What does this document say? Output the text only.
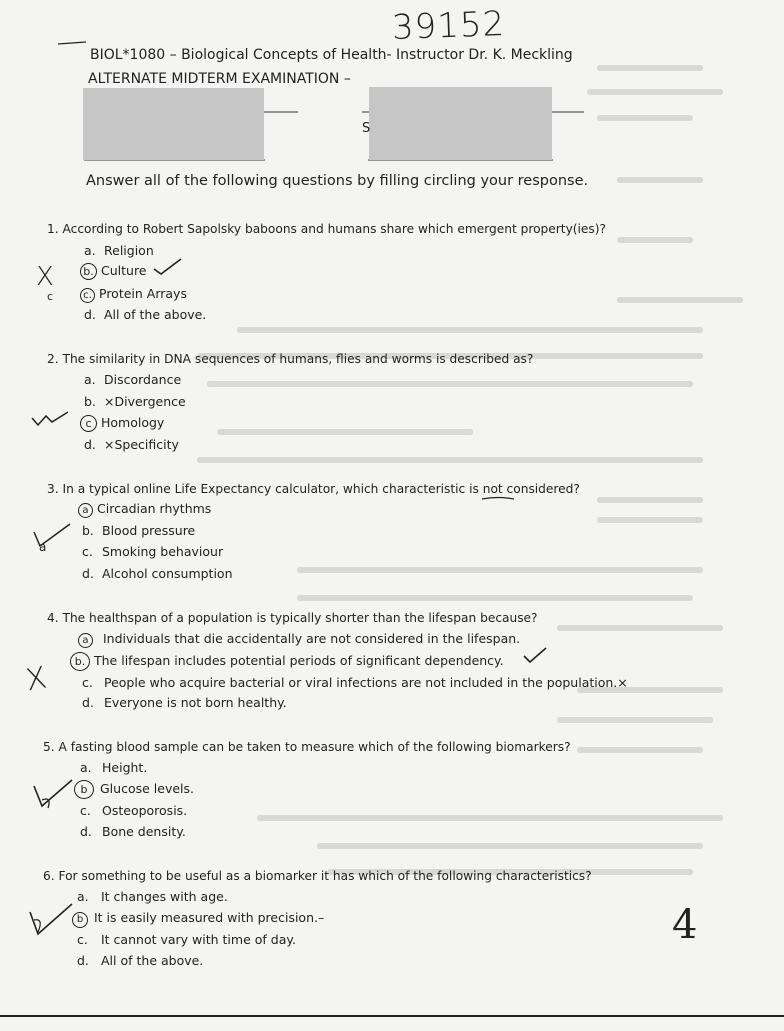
39152
BIOL*1080 – Biological Concepts of Health- Instructor Dr. K. Meckling
ALTERNATE MIDTERM EXAMINATION –
S
Answer all of the following questions by filling circling your response.
1. According to Robert Sapolsky baboons and humans share which emergent property(ies)?
a. Religion
b. Culture
c. Protein Arrays
d. All of the above.
X
c
2. The similarity in DNA sequences of humans, flies and worms is described as?
a. Discordance
b. ×Divergence
c Homology
d. ×Specificity
3. In a typical online Life Expectancy calculator, which characteristic is not considered?
a Circadian rhythms
b. Blood pressure
c. Smoking behaviour
d. Alcohol consumption
a
4. The healthspan of a population is typically shorter than the lifespan because?
a Individuals that die accidentally are not considered in the lifespan.
b. The lifespan includes potential periods of significant dependency.
c. People who acquire bacterial or viral infections are not included in the population.×
d. Everyone is not born healthy.
X
5. A fasting blood sample can be taken to measure which of the following biomarkers?
a. Height.
b Glucose levels.
c. Osteoporosis.
d. Bone density.
6. For something to be useful as a biomarker it has which of the following characteristics?
a. It changes with age.
b It is easily measured with precision.–
c. It cannot vary with time of day.
d. All of the above.
4
